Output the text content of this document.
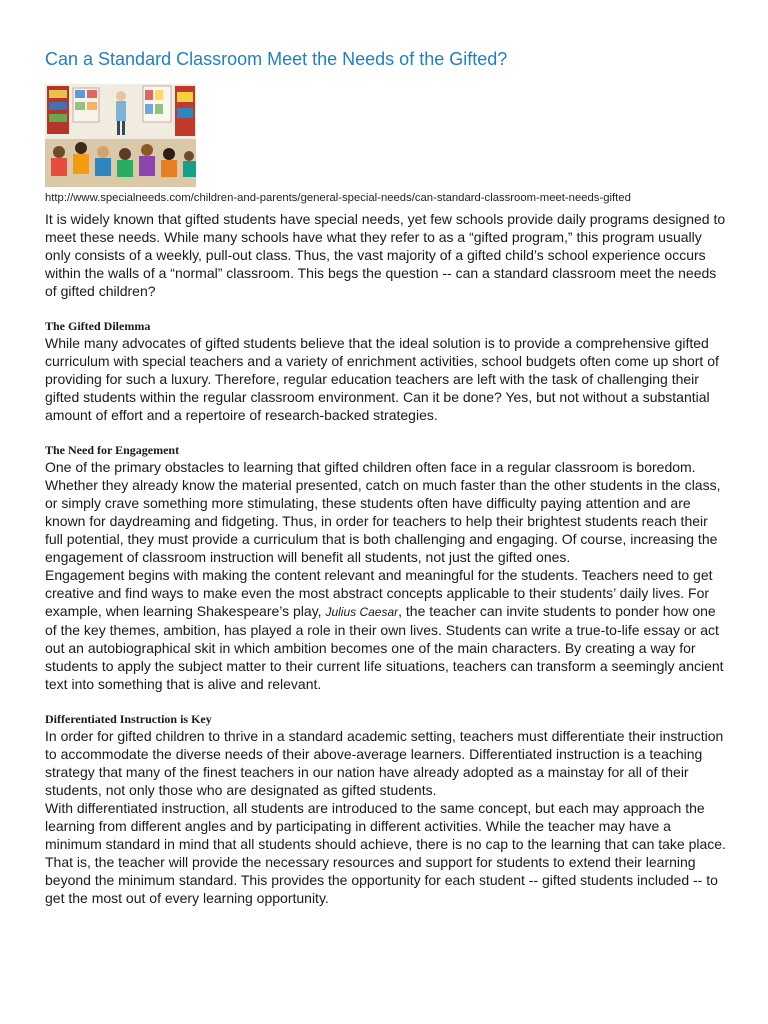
Can a Standard Classroom Meet the Needs of the Gifted?
http://www.specialneeds.com/children-and-parents/general-special-needs/can-standard-classroom-meet-needs-gifted

It is widely known that gifted students have special needs, yet few schools provide daily programs designed to meet these needs. While many schools have what they refer to as a “gifted program,” this program usually only consists of a weekly, pull-out class. Thus, the vast majority of a gifted child’s school experience occurs within the walls of a “normal” classroom. This begs the question -- can a standard classroom meet the needs of gifted children?

The Gifted Dilemma

While many advocates of gifted students believe that the ideal solution is to provide a comprehensive gifted curriculum with special teachers and a variety of enrichment activities, school budgets often come up short of providing for such a luxury. Therefore, regular education teachers are left with the task of challenging their gifted students within the regular classroom environment. Can it be done? Yes, but not without a substantial amount of effort and a repertoire of research-backed strategies.

The Need for Engagement

One of the primary obstacles to learning that gifted children often face in a regular classroom is boredom. Whether they already know the material presented, catch on much faster than the other students in the class, or simply crave something more stimulating, these students often have difficulty paying attention and are known for daydreaming and fidgeting. Thus, in order for teachers to help their brightest students reach their full potential, they must provide a curriculum that is both challenging and engaging. Of course, increasing the engagement of classroom instruction will benefit all students, not just the gifted ones.

Engagement begins with making the content relevant and meaningful for the students. Teachers need to get creative and find ways to make even the most abstract concepts applicable to their students’ daily lives. For example, when learning Shakespeare’s play, Julius Caesar, the teacher can invite students to ponder how one of the key themes, ambition, has played a role in their own lives. Students can write a true-to-life essay or act out an autobiographical skit in which ambition becomes one of the main characters. By creating a way for students to apply the subject matter to their current life situations, teachers can transform a seemingly ancient text into something that is alive and relevant.

Differentiated Instruction is Key

In order for gifted children to thrive in a standard academic setting, teachers must differentiate their instruction to accommodate the diverse needs of their above-average learners. Differentiated instruction is a teaching strategy that many of the finest teachers in our nation have already adopted as a mainstay for all of their students, not only those who are designated as gifted students.

With differentiated instruction, all students are introduced to the same concept, but each may approach the learning from different angles and by participating in different activities. While the teacher may have a minimum standard in mind that all students should achieve, there is no cap to the learning that can take place. That is, the teacher will provide the necessary resources and support for students to extend their learning beyond the minimum standard. This provides the opportunity for each student -- gifted students included -- to get the most out of every learning opportunity.
